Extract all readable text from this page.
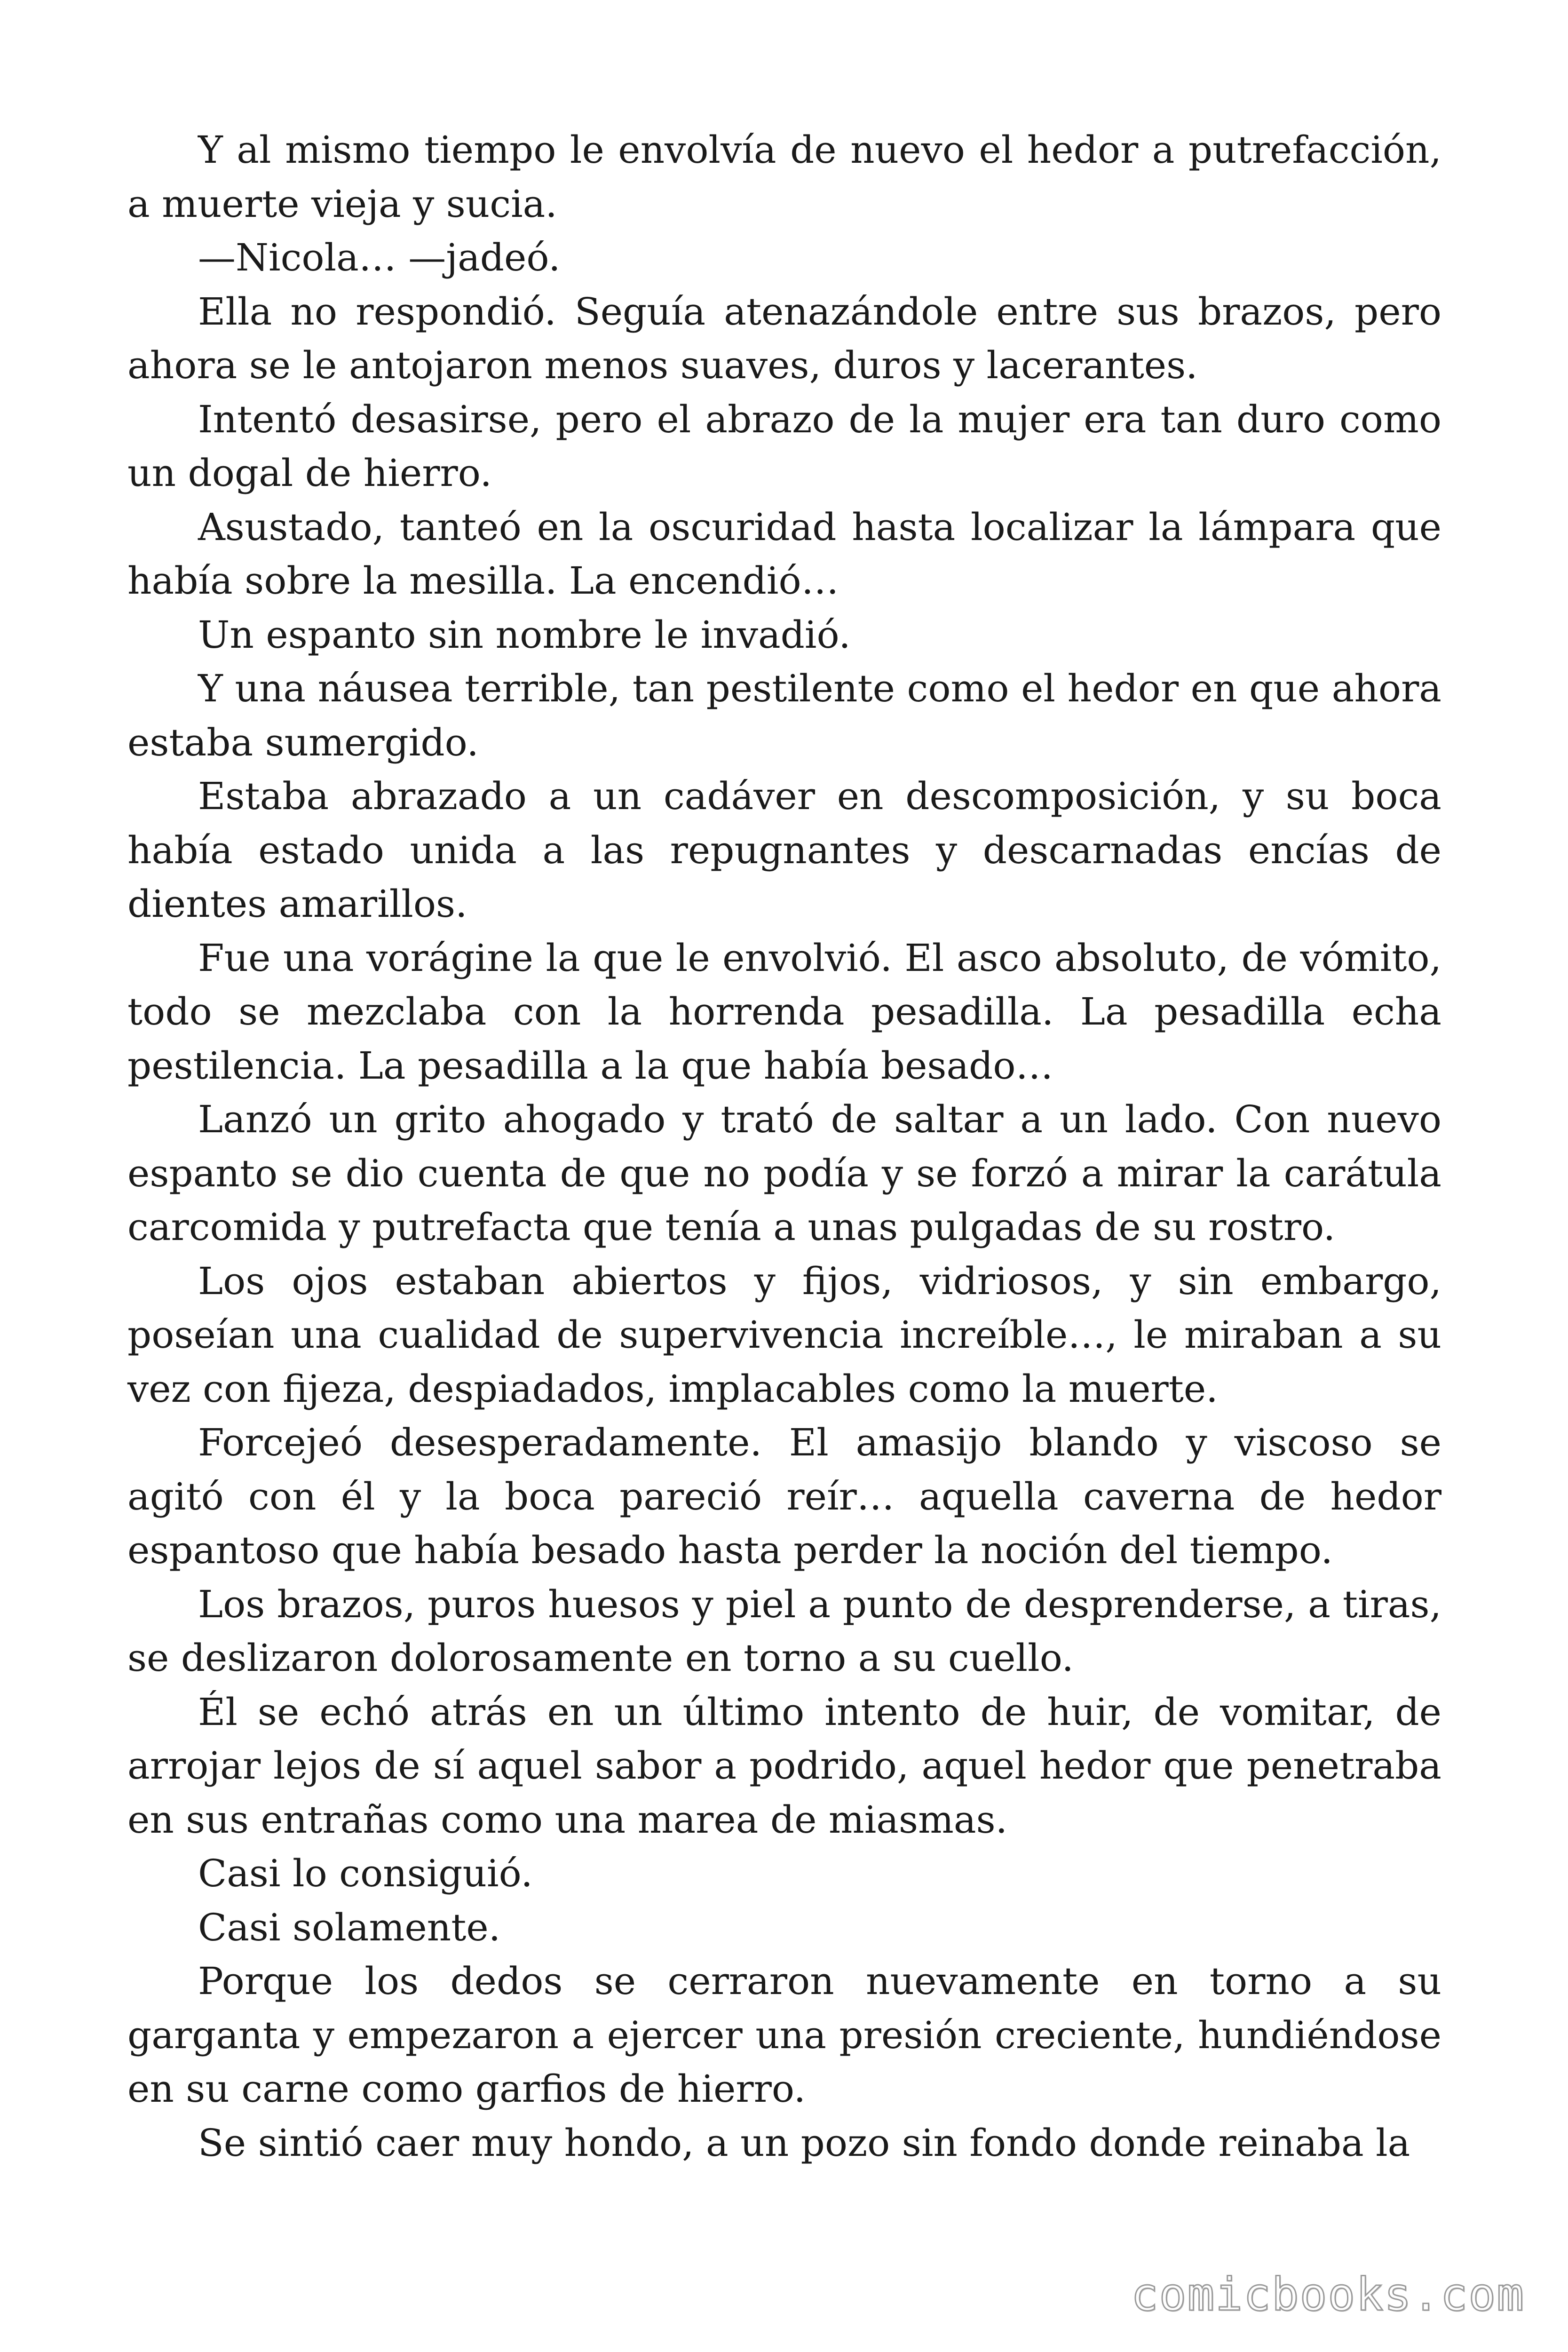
Y al mismo tiempo le envolvía de nuevo el hedor a putrefacción, a muerte vieja y sucia.

—Nicola… —jadeó.

Ella no respondió. Seguía atenazándole entre sus brazos, pero ahora se le antojaron menos suaves, duros y lacerantes.

Intentó desasirse, pero el abrazo de la mujer era tan duro como un dogal de hierro.

Asustado, tanteó en la oscuridad hasta localizar la lámpara que había sobre la mesilla. La encendió…

Un espanto sin nombre le invadió.

Y una náusea terrible, tan pestilente como el hedor en que ahora estaba sumergido.

Estaba abrazado a un cadáver en descomposición, y su boca había estado unida a las repugnantes y descarnadas encías de dientes amarillos.

Fue una vorágine la que le envolvió. El asco absoluto, de vómito, todo se mezclaba con la horrenda pesadilla. La pesadilla echa pestilencia. La pesadilla a la que había besado…

Lanzó un grito ahogado y trató de saltar a un lado. Con nuevo espanto se dio cuenta de que no podía y se forzó a mirar la carátula carcomida y putrefacta que tenía a unas pulgadas de su rostro.

Los ojos estaban abiertos y fijos, vidriosos, y sin embargo, poseían una cualidad de supervivencia increíble…, le miraban a su vez con fijeza, despiadados, implacables como la muerte.

Forcejeó desesperadamente. El amasijo blando y viscoso se agitó con él y la boca pareció reír… aquella caverna de hedor espantoso que había besado hasta perder la noción del tiempo.

Los brazos, puros huesos y piel a punto de desprenderse, a tiras, se deslizaron dolorosamente en torno a su cuello.

Él se echó atrás en un último intento de huir, de vomitar, de arrojar lejos de sí aquel sabor a podrido, aquel hedor que penetraba en sus entrañas como una marea de miasmas.

Casi lo consiguió.

Casi solamente.

Porque los dedos se cerraron nuevamente en torno a su garganta y empezaron a ejercer una presión creciente, hundiéndose en su carne como garfios de hierro.

Se sintió caer muy hondo, a un pozo sin fondo donde reinaba la

comicbooks.com
